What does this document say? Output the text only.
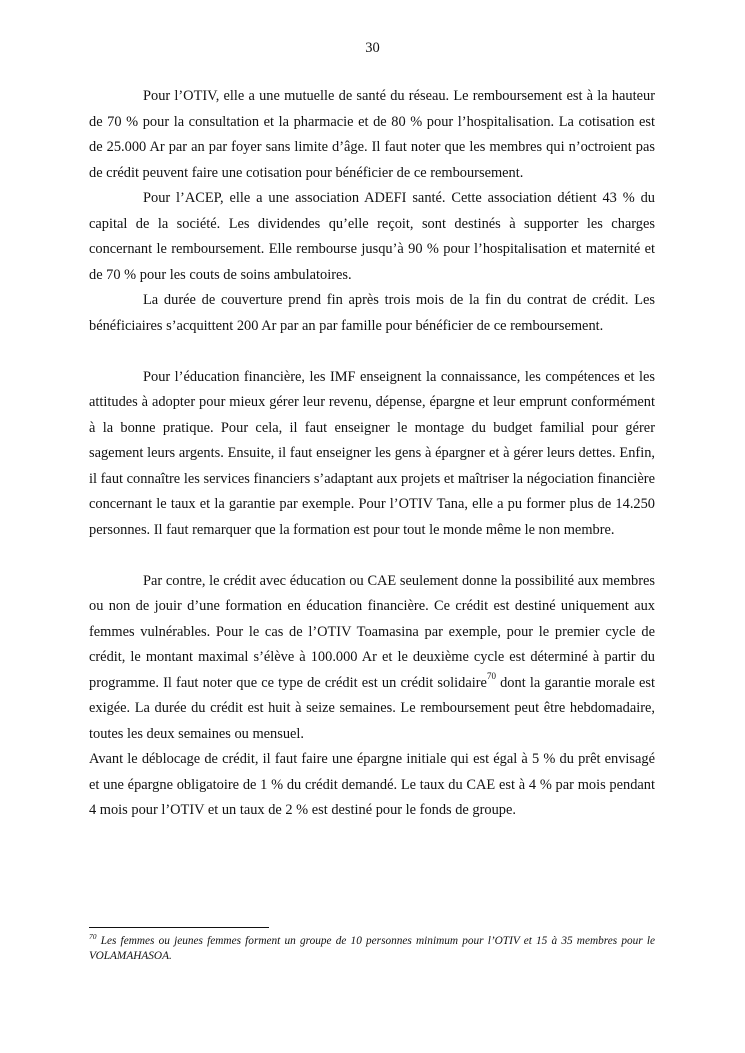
30

Pour l’OTIV, elle a une mutuelle de santé du réseau. Le remboursement est à la hauteur de 70 % pour la consultation et la pharmacie et de 80 % pour l’hospitalisation. La cotisation est de 25.000 Ar par an par foyer sans limite d’âge. Il faut noter que les membres qui n’octroient pas de crédit peuvent faire une cotisation pour bénéficier de ce remboursement.

Pour l’ACEP, elle a une association ADEFI santé. Cette association détient 43 % du capital de la société. Les dividendes qu’elle reçoit, sont destinés à supporter les charges concernant le remboursement. Elle rembourse jusqu’à 90 % pour l’hospitalisation et maternité et de 70 % pour les couts de soins ambulatoires.

La durée de couverture prend fin après trois mois de la fin du contrat de crédit. Les bénéficiaires s’acquittent 200 Ar par an par famille pour bénéficier de ce remboursement.

Pour l’éducation financière, les IMF enseignent la connaissance, les compétences et les attitudes à adopter pour mieux gérer leur revenu, dépense, épargne et leur emprunt conformément à la bonne pratique. Pour cela, il faut enseigner le montage du budget familial pour gérer sagement leurs argents. Ensuite, il faut enseigner les gens à épargner et à gérer leurs dettes. Enfin, il faut connaître les services financiers s’adaptant aux projets et maîtriser la négociation financière concernant le taux et la garantie par exemple. Pour l’OTIV Tana, elle a pu former plus de 14.250 personnes. Il faut remarquer que la formation est pour tout le monde même le non membre.

Par contre, le crédit avec éducation ou CAE seulement donne la possibilité aux membres ou non de jouir d’une formation en éducation financière. Ce crédit est destiné uniquement aux femmes vulnérables. Pour le cas de l’OTIV Toamasina par exemple, pour le premier cycle de crédit, le montant maximal s’élève à 100.000 Ar et le deuxième cycle est déterminé à partir du programme. Il faut noter que ce type de crédit est un crédit solidaire$^{70}$ dont la garantie morale est exigée. La durée du crédit est huit à seize semaines. Le remboursement peut être hebdomadaire, toutes les deux semaines ou mensuel.

Avant le déblocage de crédit, il faut faire une épargne initiale qui est égal à 5 % du prêt envisagé et une épargne obligatoire de 1 % du crédit demandé. Le taux du CAE est à 4 % par mois pendant 4 mois pour l’OTIV et un taux de 2 % est destiné pour le fonds de groupe.

$^{70}$ Les femmes ou jeunes femmes forment un groupe de 10 personnes minimum pour l’OTIV et 15 à 35 membres pour le VOLAMAHASOA.
